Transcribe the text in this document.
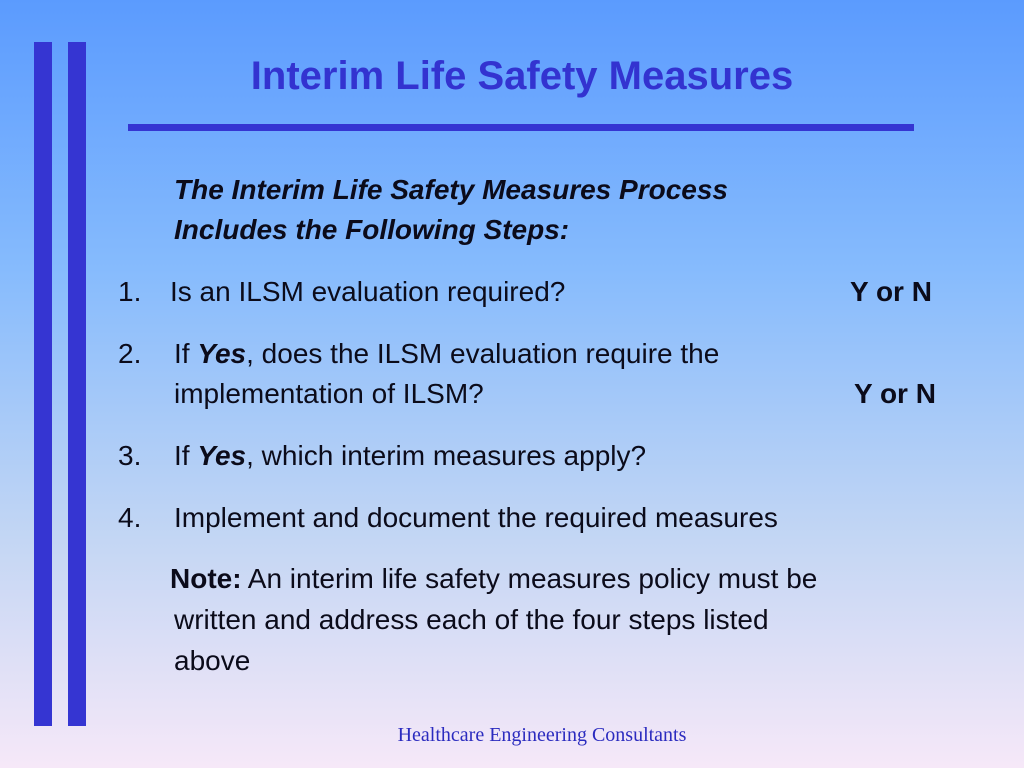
Interim Life Safety Measures
The Interim Life Safety Measures Process
Includes the Following Steps:
1. Is an ILSM evaluation required?	Y or N
2. If Yes, does the ILSM evaluation require the
implementation of ILSM?	Y or N
3. If Yes, which interim measures apply?
4. Implement and document the required measures
Note: An interim life safety measures policy must be
written and address each of the four steps listed
above
Healthcare Engineering Consultants
